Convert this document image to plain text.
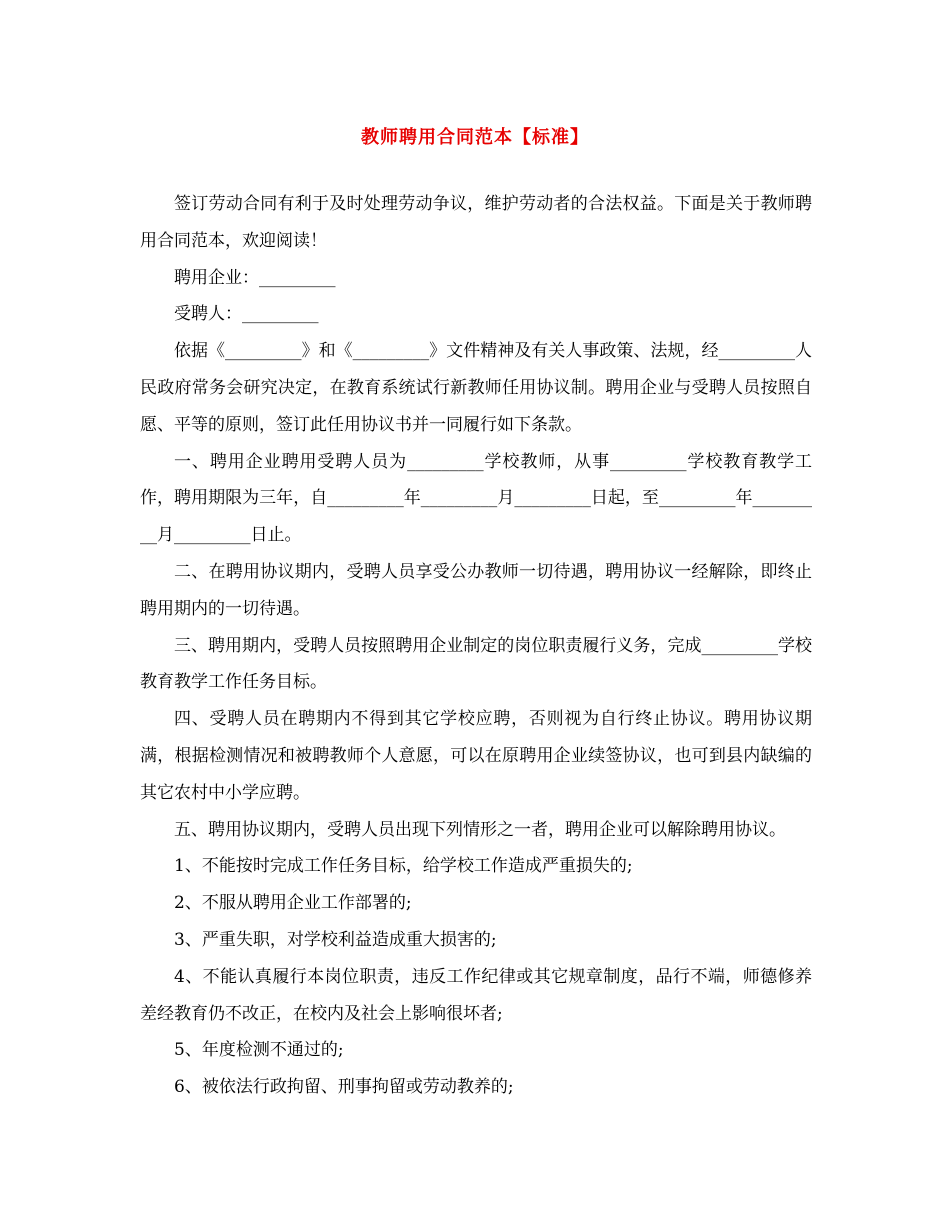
教师聘用合同范本【标准】

签订劳动合同有利于及时处理劳动争议，维护劳动者的合法权益。下面是关于教师聘用合同范本，欢迎阅读！

聘用企业：_________

受聘人：_________

依据《_________》和《_________》文件精神及有关人事政策、法规，经_________人民政府常务会研究决定，在教育系统试行新教师任用协议制。聘用企业与受聘人员按照自愿、平等的原则，签订此任用协议书并一同履行如下条款。

一、聘用企业聘用受聘人员为_________学校教师，从事_________学校教育教学工作，聘用期限为三年，自_________年_________月_________日起，至_________年_________月_________日止。

二、在聘用协议期内，受聘人员享受公办教师一切待遇，聘用协议一经解除，即终止聘用期内的一切待遇。

三、聘用期内，受聘人员按照聘用企业制定的岗位职责履行义务，完成_________学校教育教学工作任务目标。

四、受聘人员在聘期内不得到其它学校应聘，否则视为自行终止协议。聘用协议期满，根据检测情况和被聘教师个人意愿，可以在原聘用企业续签协议，也可到县内缺编的其它农村中小学应聘。

五、聘用协议期内，受聘人员出现下列情形之一者，聘用企业可以解除聘用协议。

1、不能按时完成工作任务目标，给学校工作造成严重损失的;

2、不服从聘用企业工作部署的;

3、严重失职，对学校利益造成重大损害的;

4、不能认真履行本岗位职责，违反工作纪律或其它规章制度，品行不端，师德修养差经教育仍不改正，在校内及社会上影响很坏者;

5、年度检测不通过的;

6、被依法行政拘留、刑事拘留或劳动教养的;
